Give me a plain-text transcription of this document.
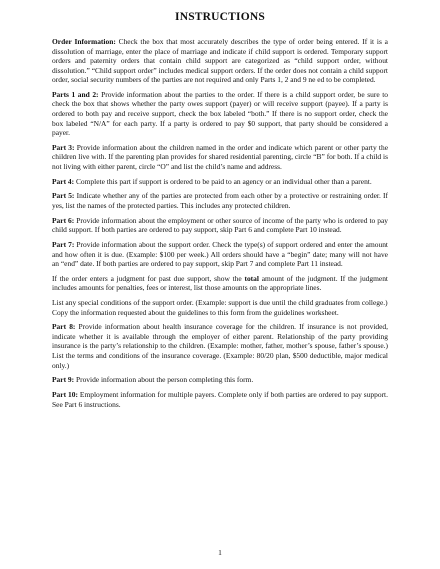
INSTRUCTIONS

Order Information: Check the box that most accurately describes the type of order being entered. If it is a dissolution of marriage, enter the place of marriage and indicate if child support is ordered. Temporary support orders and paternity orders that contain child support are categorized as “child support order, without dissolution.” “Child support order” includes medical support orders. If the order does not contain a child support order, social security numbers of the parties are not required and only Parts 1, 2 and 9 ne ed to be completed.

Parts 1 and 2: Provide information about the parties to the order. If there is a child support order, be sure to check the box that shows whether the party owes support (payer) or will receive support (payee). If a party is ordered to both pay and receive support, check the box labeled “both.” If there is no support order, check the box labeled “N/A” for each party. If a party is ordered to pay $0 support, that party should be considered a payer.

Part 3: Provide information about the children named in the order and indicate which parent or other party the children live with. If the parenting plan provides for shared residential parenting, circle “B” for both. If a child is not living with either parent, circle “O” and list the child’s name and address.

Part 4: Complete this part if support is ordered to be paid to an agency or an individual other than a parent.

Part 5: Indicate whether any of the parties are protected from each other by a protective or restraining order. If yes, list the names of the protected parties. This includes any protected children.

Part 6: Provide information about the employment or other source of income of the party who is ordered to pay child support. If both parties are ordered to pay support, skip Part 6 and complete Part 10 instead.

Part 7: Provide information about the support order. Check the type(s) of support ordered and enter the amount and how often it is due. (Example: $100 per week.) All orders should have a “begin” date; many will not have an “end” date. If both parties are ordered to pay support, skip Part 7 and complete Part 11 instead.

If the order enters a judgment for past due support, show the total amount of the judgment. If the judgment includes amounts for penalties, fees or interest, list those amounts on the appropriate lines.

List any special conditions of the support order. (Example: support is due until the child graduates from college.)

Copy the information requested about the guidelines to this form from the guidelines worksheet.

Part 8: Provide information about health insurance coverage for the children. If insurance is not provided, indicate whether it is available through the employer of either parent. Relationship of the party providing insurance is the party’s relationship to the children. (Example: mother, father, mother’s spouse, father’s spouse.) List the terms and conditions of the insurance coverage. (Example: 80/20 plan, $500 deductible, major medical only.)

Part 9: Provide information about the person completing this form.

Part 10: Employment information for multiple payers. Complete only if both parties are ordered to pay support. See Part 6 instructions.

1
